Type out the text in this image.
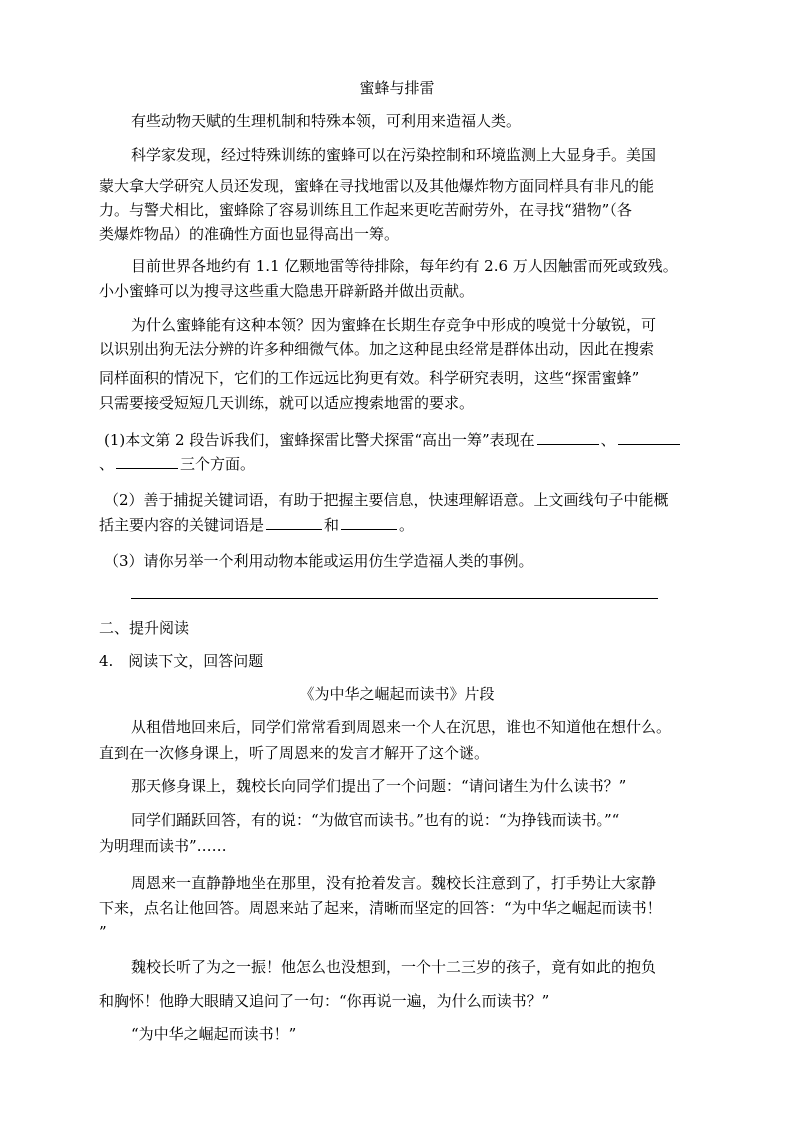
蜜蜂与排雷

有些动物天赋的生理机制和特殊本领，可利用来造福人类。

科学家发现，经过特殊训练的蜜蜂可以在污染控制和环境监测上大显身手。美国

蒙大拿大学研究人员还发现，蜜蜂在寻找地雷以及其他爆炸物方面同样具有非凡的能

力。与警犬相比，蜜蜂除了容易训练且工作起来更吃苦耐劳外，在寻找“猎物”（各

类爆炸物品）的准确性方面也显得高出一筹。

目前世界各地约有 1.1 亿颗地雷等待排除，每年约有 2.6 万人因触雷而死或致残。

小小蜜蜂可以为搜寻这些重大隐患开辟新路并做出贡献。

为什么蜜蜂能有这种本领？因为蜜蜂在长期生存竞争中形成的嗅觉十分敏锐，可

以识别出狗无法分辨的许多种细微气体。加之这种昆虫经常是群体出动，因此在搜索

同样面积的情况下，它们的工作远远比狗更有效。科学研究表明，这些“探雷蜜蜂”

只需要接受短短几天训练，就可以适应搜索地雷的要求。

(1)本文第 2 段告诉我们，蜜蜂探雷比警犬探雷“高出一筹”表现在	、

、	三个方面。

（2）善于捕捉关键词语，有助于把握主要信息，快速理解语意。上文画线句子中能概

括主要内容的关键词语是	和	。

（3）请你另举一个利用动物本能或运用仿生学造福人类的事例。

二、提升阅读

4.　阅读下文，回答问题

《为中华之崛起而读书》片段

从租借地回来后，同学们常常看到周恩来一个人在沉思，谁也不知道他在想什么。

直到在一次修身课上，听了周恩来的发言才解开了这个谜。

那天修身课上，魏校长向同学们提出了一个问题：“请问诸生为什么读书？”

同学们踊跃回答，有的说：“为做官而读书。”也有的说：“为挣钱而读书。”“

为明理而读书”……

周恩来一直静静地坐在那里，没有抢着发言。魏校长注意到了，打手势让大家静

下来，点名让他回答。周恩来站了起来，清晰而坚定的回答：“为中华之崛起而读书！

”

魏校长听了为之一振！他怎么也没想到，一个十二三岁的孩子，竟有如此的抱负

和胸怀！他睁大眼睛又追问了一句：“你再说一遍，为什么而读书？”

“为中华之崛起而读书！”
